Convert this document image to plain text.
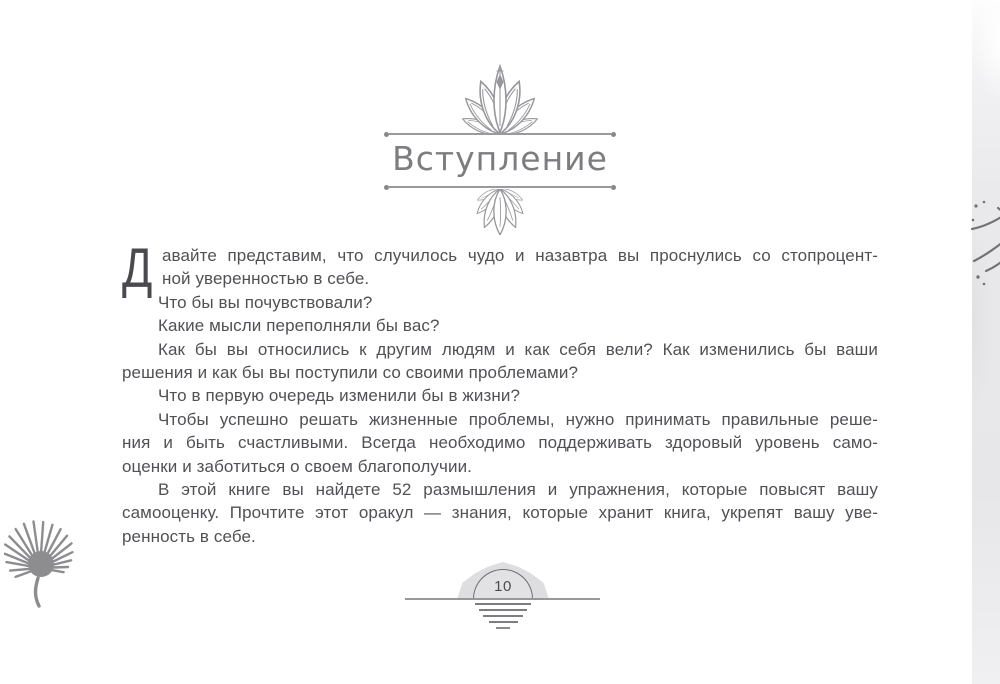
Вступление
Д авайте представим, что случилось чудо и назавтра вы проснулись со стопроцент-
ной уверенностью в себе.
Что бы вы почувствовали?
Какие мысли переполняли бы вас?
Как бы вы относились к другим людям и как себя вели? Как изменились бы ваши
решения и как бы вы поступили со своими проблемами?
Что в первую очередь изменили бы в жизни?
Чтобы успешно решать жизненные проблемы, нужно принимать правильные реше-
ния и быть счастливыми. Всегда необходимо поддерживать здоровый уровень само-
оценки и заботиться о своем благополучии.
В этой книге вы найдете 52 размышления и упражнения, которые повысят вашу
самооценку. Прочтите этот оракул — знания, которые хранит книга, укрепят вашу уве-
ренность в себе.
10
